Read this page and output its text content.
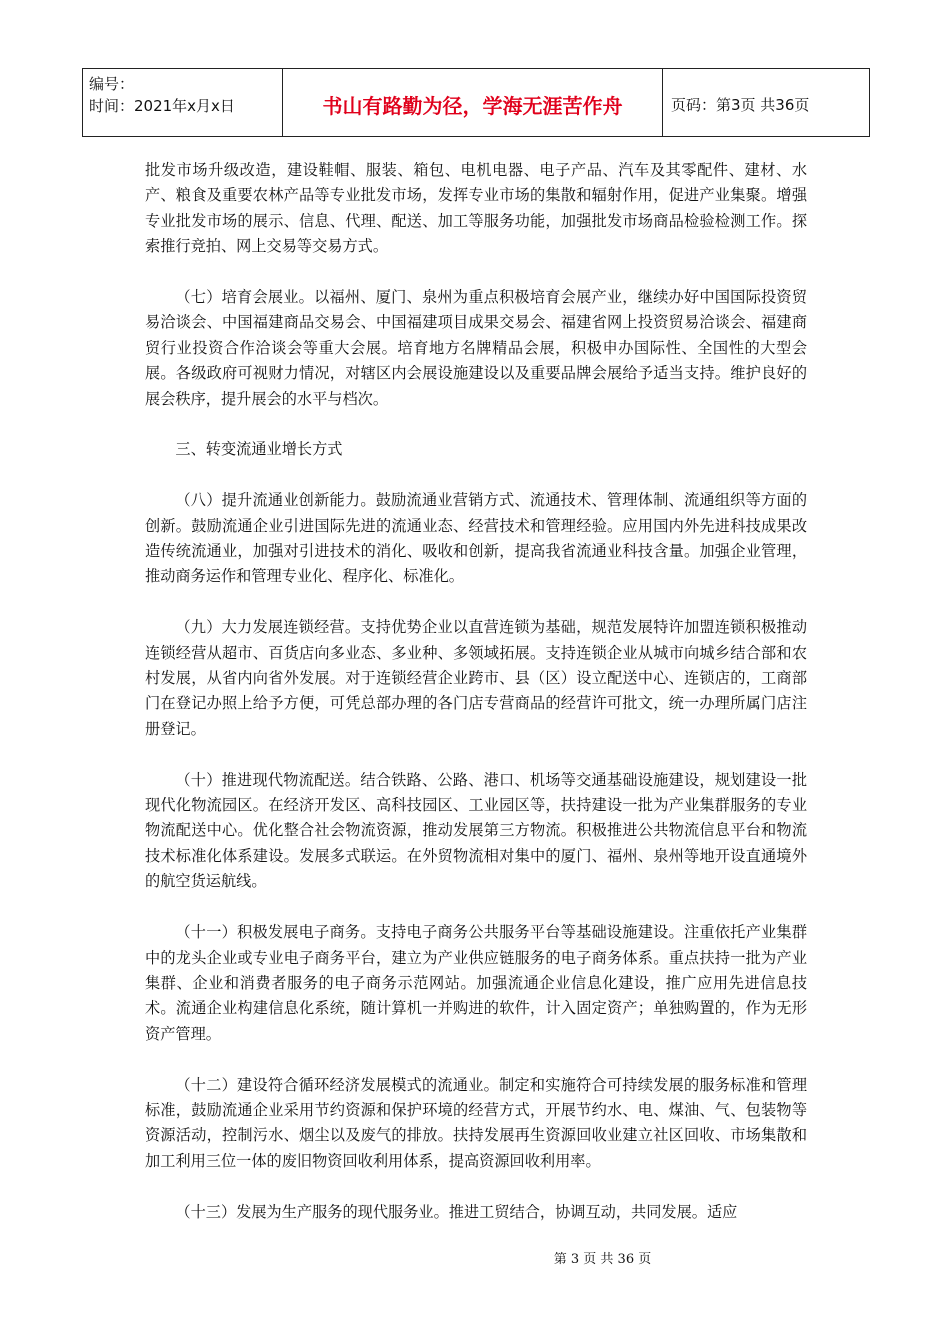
编号：
时间：2021年x月x日	书山有路勤为径，学海无涯苦作舟	页码：第3页 共36页

批发市场升级改造，建设鞋帽、服装、箱包、电机电器、电子产品、汽车及其零配件、建材、水产、粮食及重要农林产品等专业批发市场，发挥专业市场的集散和辐射作用，促进产业集聚。增强专业批发市场的展示、信息、代理、配送、加工等服务功能，加强批发市场商品检验检测工作。探索推行竞拍、网上交易等交易方式。

（七）培育会展业。以福州、厦门、泉州为重点积极培育会展产业，继续办好中国国际投资贸易洽谈会、中国福建商品交易会、中国福建项目成果交易会、福建省网上投资贸易洽谈会、福建商贸行业投资合作洽谈会等重大会展。培育地方名牌精品会展，积极申办国际性、全国性的大型会展。各级政府可视财力情况，对辖区内会展设施建设以及重要品牌会展给予适当支持。维护良好的展会秩序，提升展会的水平与档次。

三、转变流通业增长方式

（八）提升流通业创新能力。鼓励流通业营销方式、流通技术、管理体制、流通组织等方面的创新。鼓励流通企业引进国际先进的流通业态、经营技术和管理经验。应用国内外先进科技成果改造传统流通业，加强对引进技术的消化、吸收和创新，提高我省流通业科技含量。加强企业管理，推动商务运作和管理专业化、程序化、标准化。

（九）大力发展连锁经营。支持优势企业以直营连锁为基础，规范发展特许加盟连锁积极推动连锁经营从超市、百货店向多业态、多业种、多领域拓展。支持连锁企业从城市向城乡结合部和农村发展，从省内向省外发展。对于连锁经营企业跨市、县（区）设立配送中心、连锁店的，工商部门在登记办照上给予方便，可凭总部办理的各门店专营商品的经营许可批文，统一办理所属门店注册登记。

（十）推进现代物流配送。结合铁路、公路、港口、机场等交通基础设施建设，规划建设一批现代化物流园区。在经济开发区、高科技园区、工业园区等，扶持建设一批为产业集群服务的专业物流配送中心。优化整合社会物流资源，推动发展第三方物流。积极推进公共物流信息平台和物流技术标准化体系建设。发展多式联运。在外贸物流相对集中的厦门、福州、泉州等地开设直通境外的航空货运航线。

（十一）积极发展电子商务。支持电子商务公共服务平台等基础设施建设。注重依托产业集群中的龙头企业或专业电子商务平台，建立为产业供应链服务的电子商务体系。重点扶持一批为产业集群、企业和消费者服务的电子商务示范网站。加强流通企业信息化建设，推广应用先进信息技术。流通企业构建信息化系统，随计算机一并购进的软件，计入固定资产；单独购置的，作为无形资产管理。

（十二）建设符合循环经济发展模式的流通业。制定和实施符合可持续发展的服务标准和管理标准，鼓励流通企业采用节约资源和保护环境的经营方式，开展节约水、电、煤油、气、包装物等资源活动，控制污水、烟尘以及废气的排放。扶持发展再生资源回收业建立社区回收、市场集散和加工利用三位一体的废旧物资回收利用体系，提高资源回收利用率。

（十三）发展为生产服务的现代服务业。推进工贸结合，协调互动，共同发展。适应

第 3 页 共 36 页
